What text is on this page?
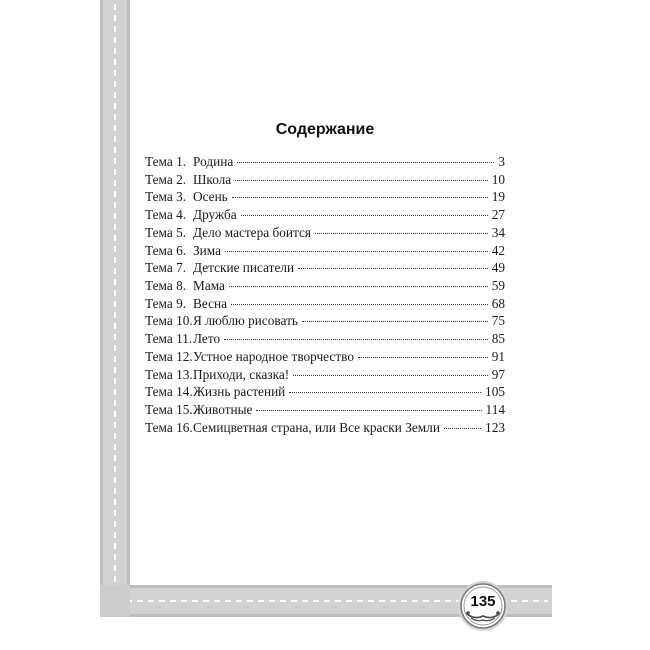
Содержание
Тема 1. Родина	3
Тема 2. Школа	10
Тема 3. Осень	19
Тема 4. Дружба	27
Тема 5. Дело мастера боится	34
Тема 6. Зима	42
Тема 7. Детские писатели	49
Тема 8. Мама	59
Тема 9. Весна	68
Тема 10. Я люблю рисовать	75
Тема 11. Лето	85
Тема 12. Устное народное творчество	91
Тема 13. Приходи, сказка!	97
Тема 14. Жизнь растений	105
Тема 15. Животные	114
Тема 16. Семицветная страна, или Все краски Земли	123
135
